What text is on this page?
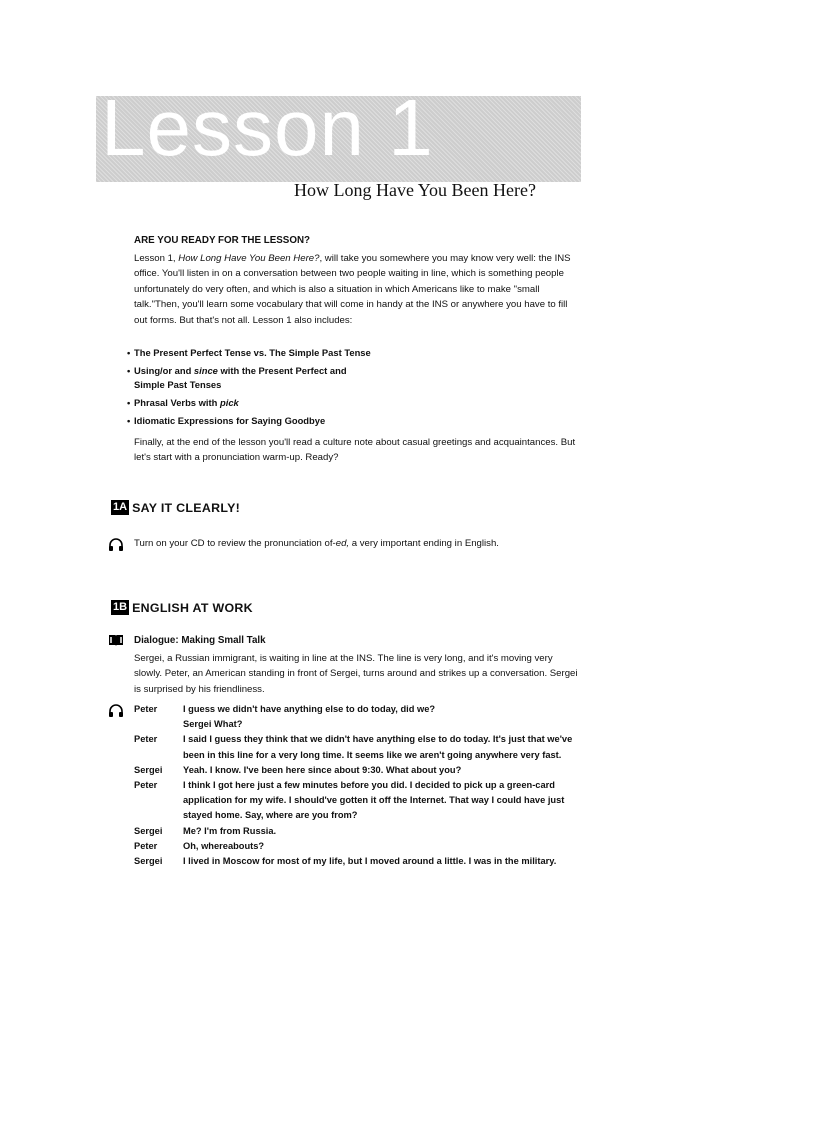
Lesson 1
How Long Have You Been Here?
ARE YOU READY FOR THE LESSON?

Lesson 1, How Long Have You Been Here?, will take you somewhere you may know very well: the INS office. You'll listen in on a conversation between two people waiting in line, which is something people unfortunately do very often, and which is also a situation in which Americans like to make "small talk."Then, you'll learn some vocabulary that will come in handy at the INS or anywhere you have to fill out forms. But that's not all. Lesson 1 also includes:

• The Present Perfect Tense vs. The Simple Past Tense
• Using/or and since with the Present Perfect and
Simple Past Tenses
• Phrasal Verbs with pick
• Idiomatic Expressions for Saying Goodbye

Finally, at the end of the lesson you'll read a culture note about casual greetings and acquaintances. But let's start with a pronunciation warm-up. Ready?

1A SAY IT CLEARLY!

Turn on your CD to review the pronunciation of-ed, a very important ending in English.

1B ENGLISH AT WORK
Dialogue: Making Small Talk

Sergei, a Russian immigrant, is waiting in line at the INS. The line is very long, and it's moving very slowly. Peter, an American standing in front of Sergei, turns around and strikes up a conversation. Sergei is surprised by his friendliness.

Peter	I guess we didn't have anything else to do today, did we?
Sergei What?
Peter	I said I guess they think that we didn't have anything else to do today. It's just that we've been in this line for a very long time. It seems like we aren't going anywhere very fast.
Sergei	Yeah. I know. I've been here since about 9:30. What about you?
Peter	I think I got here just a few minutes before you did. I decided to pick up a green-card application for my wife. I should've gotten it off the Internet. That way I could have just stayed home. Say, where are you from?
Sergei	Me? I'm from Russia.
Peter	Oh, whereabouts?
Sergei	I lived in Moscow for most of my life, but I moved around a little. I was in the military.
